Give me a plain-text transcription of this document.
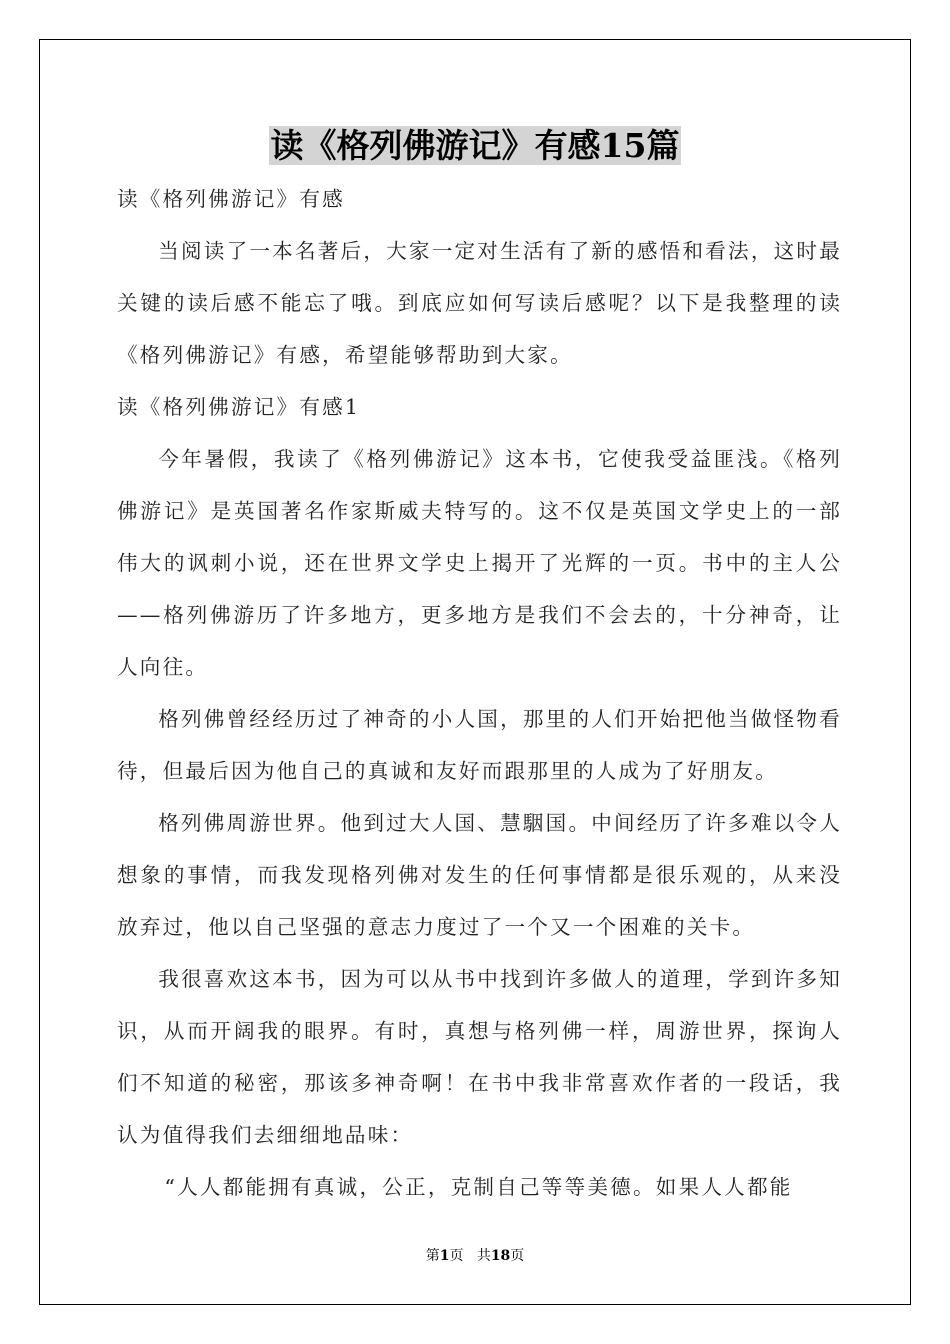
读《格列佛游记》有感15篇

读《格列佛游记》有感

当阅读了一本名著后，大家一定对生活有了新的感悟和看法，这时最关键的读后感不能忘了哦。到底应如何写读后感呢？以下是我整理的读《格列佛游记》有感，希望能够帮助到大家。

读《格列佛游记》有感1

今年暑假，我读了《格列佛游记》这本书，它使我受益匪浅。《格列佛游记》是英国著名作家斯威夫特写的。这不仅是英国文学史上的一部伟大的讽刺小说，还在世界文学史上揭开了光辉的一页。书中的主人公——格列佛游历了许多地方，更多地方是我们不会去的，十分神奇，让人向往。

格列佛曾经经历过了神奇的小人国，那里的人们开始把他当做怪物看待，但最后因为他自己的真诚和友好而跟那里的人成为了好朋友。

格列佛周游世界。他到过大人国、慧駰国。中间经历了许多难以令人想象的事情，而我发现格列佛对发生的任何事情都是很乐观的，从来没放弃过，他以自己坚强的意志力度过了一个又一个困难的关卡。

我很喜欢这本书，因为可以从书中找到许多做人的道理，学到许多知识，从而开阔我的眼界。有时，真想与格列佛一样，周游世界，探询人们不知道的秘密，那该多神奇啊！在书中我非常喜欢作者的一段话，我认为值得我们去细细地品味：

“人人都能拥有真诚，公正，克制自己等等美德。如果人人都能

第1页 共18页
